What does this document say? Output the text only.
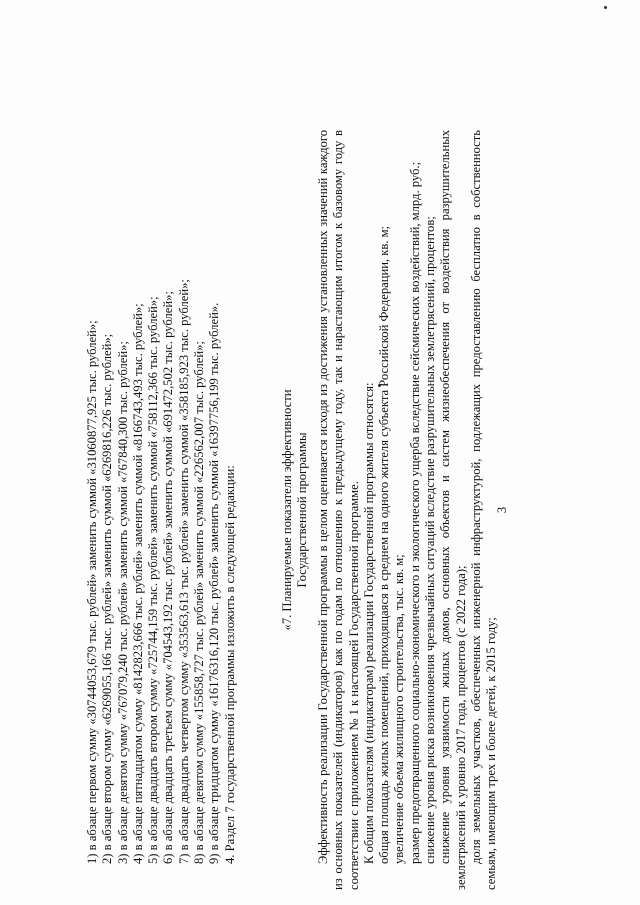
3

1) в абзаце первом сумму «30744053,679 тыс. рублей» заменить суммой «31060877,925 тыс. рублей»; 2) в абзаце втором сумму «6269055,166 тыс. рублей» заменить суммой «6269816,226 тыс. рублей»; 3) в абзаце девятом сумму «767079,240 тыс. рублей» заменить суммой «767840,300 тыс. рублей»; 4) в абзаце пятнадцатом сумму «8142823,666 тыс. рублей» заменить суммой «8166743,493 тыс. рублей»; 5) в абзаце двадцать втором сумму «725744,159 тыс. рублей» заменить суммой «758112,366 тыс. рублей»; 6) в абзаце двадцать третьем сумму «704543,192 тыс. рублей» заменить суммой «691472,502 тыс. рублей»; 7) в абзаце двадцать четвертом сумму «353563,613 тыс. рублей» заменить суммой «358185,923 тыс. рублей»; 8) в абзаце девятом сумму «155858,727 тыс. рублей» заменить суммой «226562,007 тыс. рублей»; 9) в абзаце тридцатом сумму «16176316,120 тыс. рублей» заменить суммой «16397756,199 тыс. рублей». 4. Раздел 7 государственной программы изложить в следующей редакции:	«7. Планируемые показатели эффективности Государственной программы Эффективность реализации Государственной программы в целом оценивается исходя из достижения установленных значений каждого из основных показателей (индикаторов) как по годам по отношению к предыдущему году, так и нарастающим итогом к базовому году в соответствии с приложением № 1 к настоящей Государственной программе. К общим показателям (индикаторам) реализации Государственной программы относятся: общая площадь жилых помещений, приходящаяся в среднем на одного жителя субъекта Российской Федерации, кв. м; увеличение объема жилищного строительства, тыс. кв. м; размер предотвращенного социально-экономического и экологического ущерба вследствие сейсмических воздействий, млрд. руб.; снижение уровня риска возникновения чрезвычайных ситуаций вследствие разрушительных землетрясений, процентов; снижение уровня уязвимости жилых домов, основных объектов и систем жизнеобеспечения от воздействия разрушительных землетрясений к уровню 2017 года, процентов (с 2022 года); доля земельных участков, обеспеченных инженерной инфраструктурой, подлежащих предоставлению бесплатно в собственность семьям, имеющим трех и более детей, к 2015 году;
